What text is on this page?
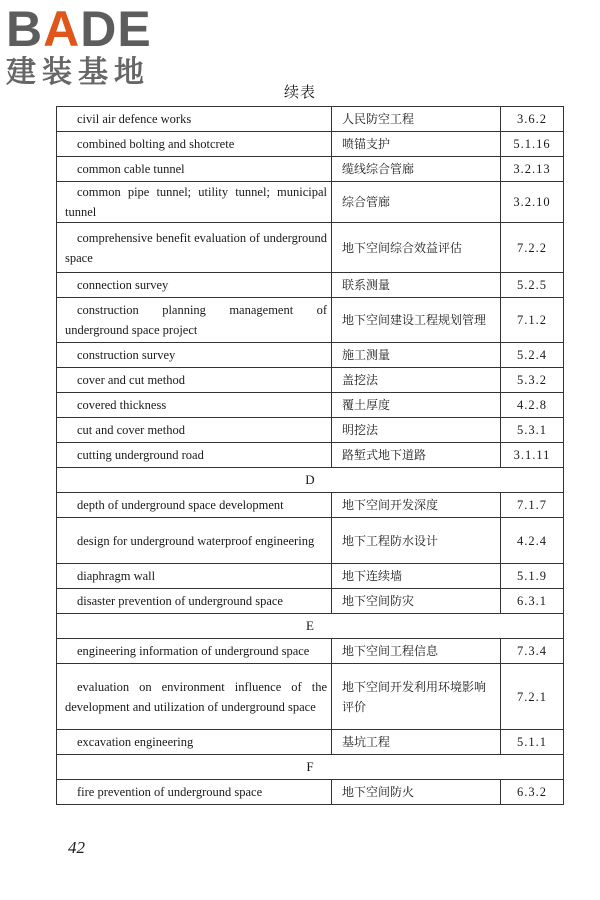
BADE
建装基地
续表
civil air defence works	人民防空工程	3.6.2

combined bolting and shotcrete	喷锚支护	5.1.16

common cable tunnel	缆线综合管廊	3.2.13

common pipe tunnel; utility tunnel; municipal tunnel	综合管廊	3.2.10

comprehensive benefit evaluation of underground space	地下空间综合效益评估	7.2.2

connection survey	联系测量	5.2.5

construction planning management of underground space project	地下空间建设工程规划管理	7.1.2

construction survey	施工测量	5.2.4

cover and cut method	盖挖法	5.3.2

covered thickness	覆土厚度	4.2.8

cut and cover method	明挖法	5.3.1

cutting underground road	路堑式地下道路	3.1.11
D		

depth of underground space development	地下空间开发深度	7.1.7

design for underground waterproof engineering	地下工程防水设计	4.2.4

diaphragm wall	地下连续墙	5.1.9

disaster prevention of underground space	地下空间防灾	6.3.1
E		

engineering information of underground space	地下空间工程信息	7.3.4

evaluation on environment influence of the development and utilization of underground space	地下空间开发利用环境影响评价	7.2.1

excavation engineering	基坑工程	5.1.1
F		

fire prevention of underground space	地下空间防火	6.3.2
42
